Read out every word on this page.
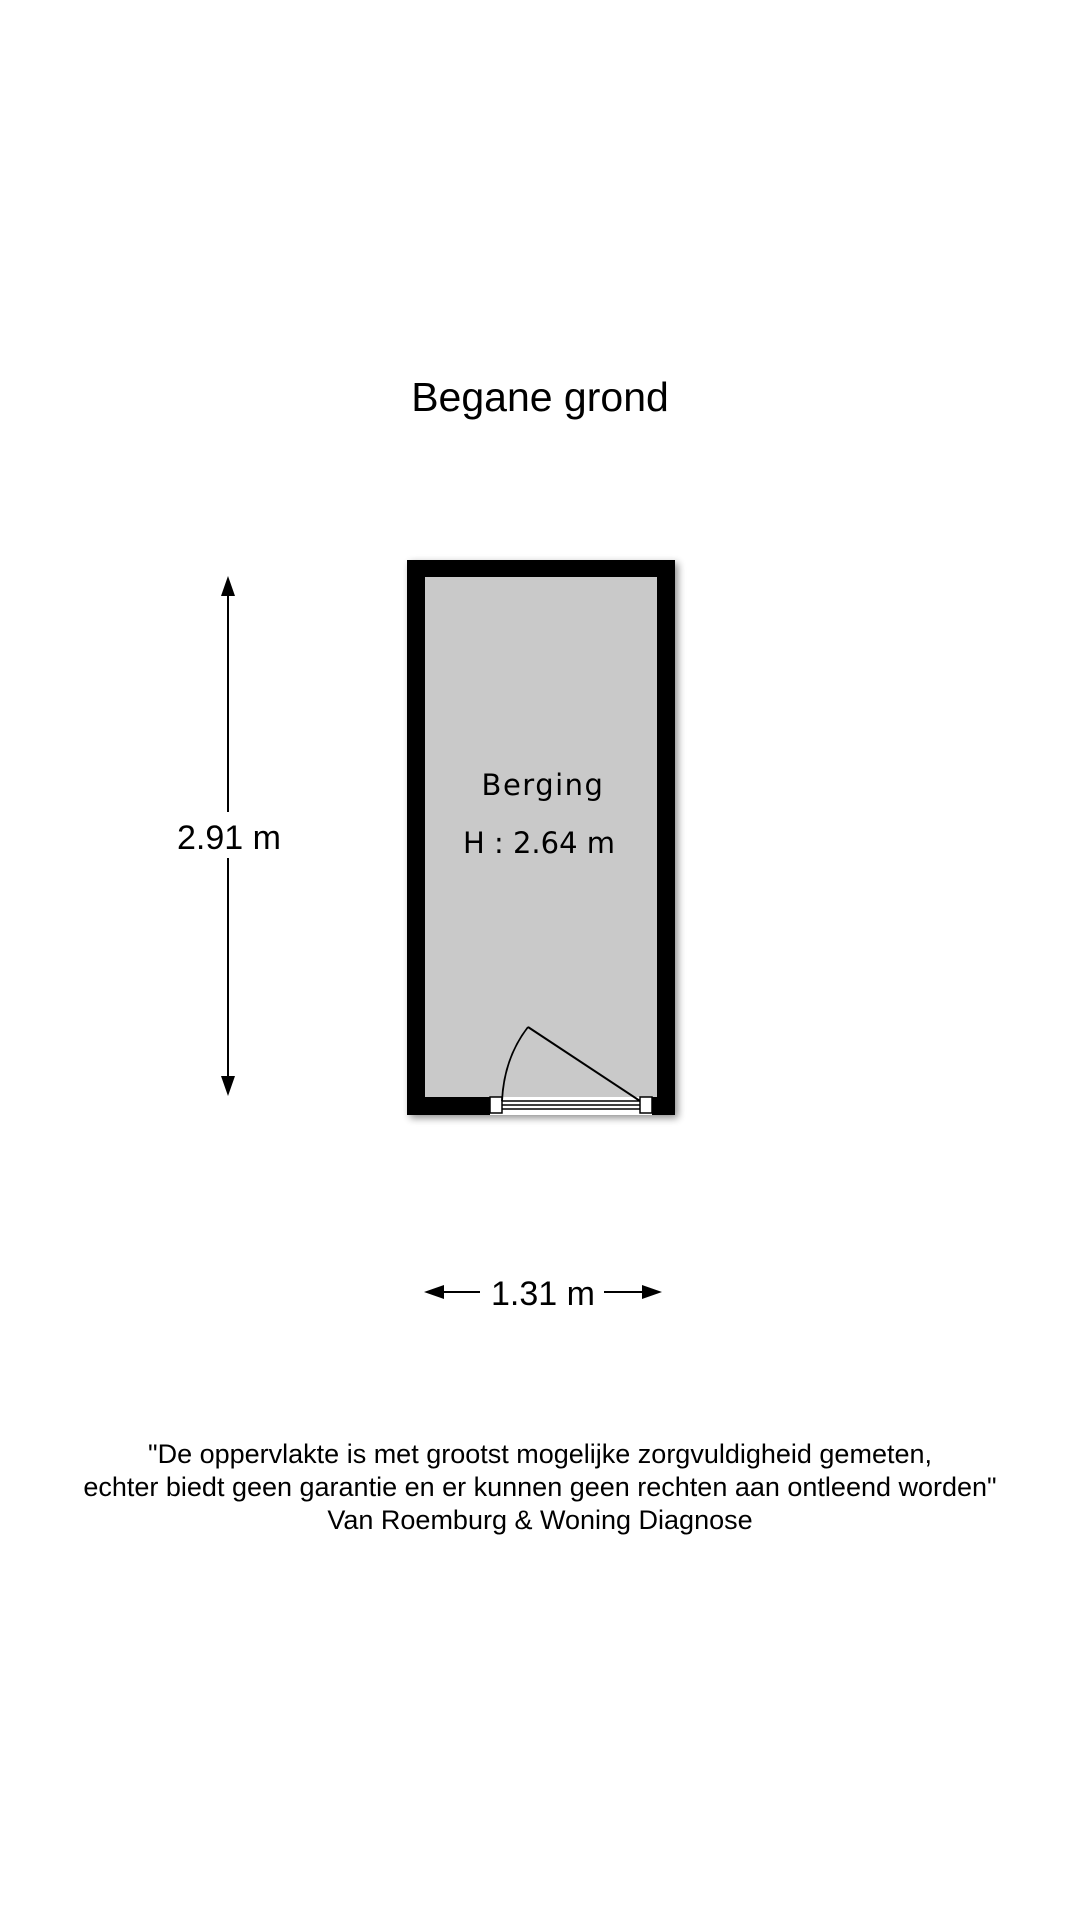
Begane grond
Berging
H : 2.64 m
2.91 m
1.31 m
"De oppervlakte is met grootst mogelijke zorgvuldigheid gemeten,
echter biedt geen garantie en er kunnen geen rechten aan ontleend worden"
Van Roemburg & Woning Diagnose
